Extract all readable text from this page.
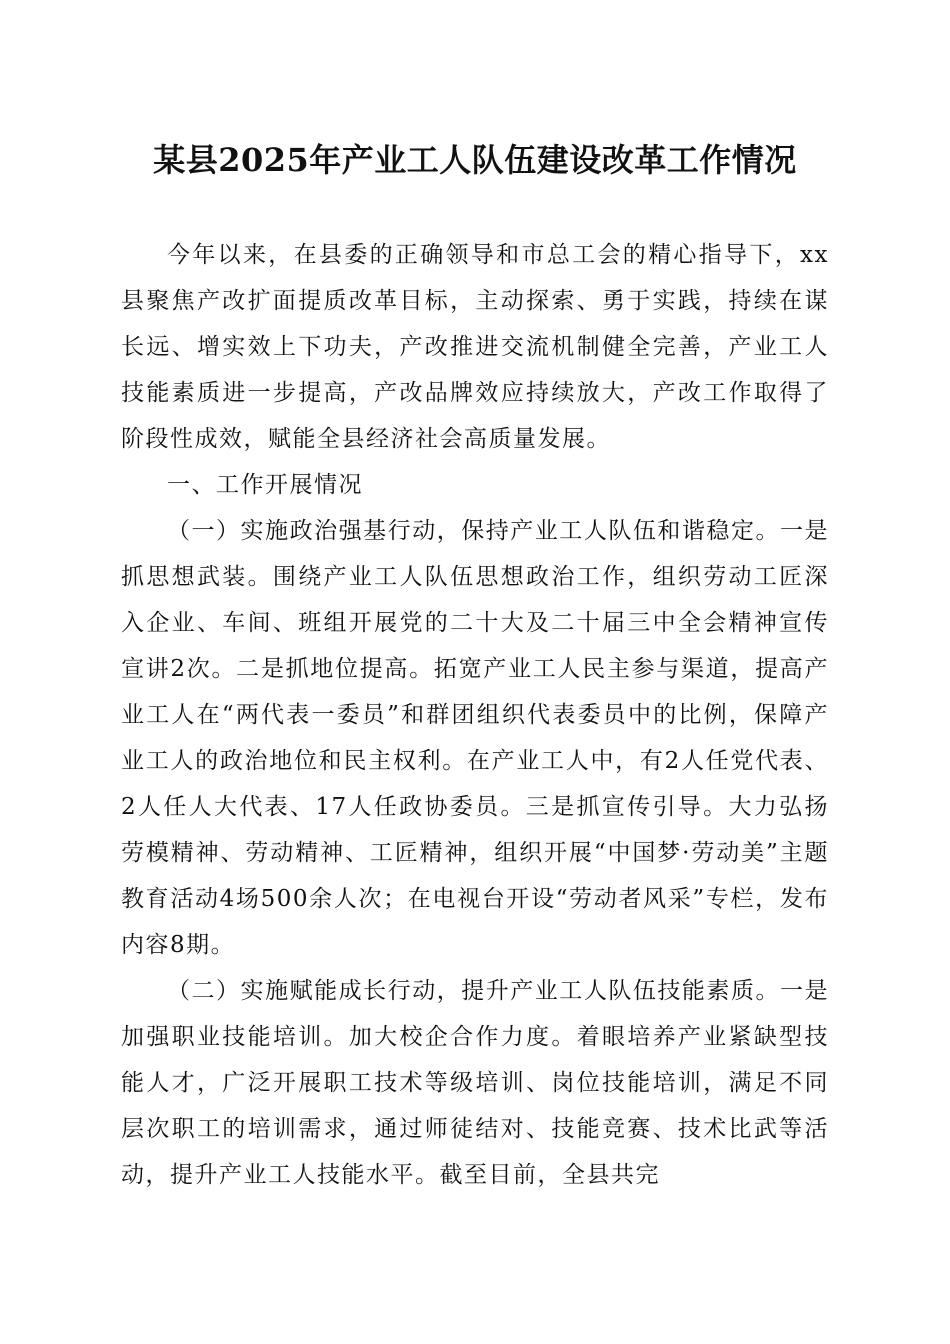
某县2025年产业工人队伍建设改革工作情况

今年以来，在县委的正确领导和市总工会的精心指导下，xx县聚焦产改扩面提质改革目标，主动探索、勇于实践，持续在谋长远、增实效上下功夫，产改推进交流机制健全完善，产业工人技能素质进一步提高，产改品牌效应持续放大，产改工作取得了阶段性成效，赋能全县经济社会高质量发展。

一、工作开展情况

（一）实施政治强基行动，保持产业工人队伍和谐稳定。一是抓思想武装。围绕产业工人队伍思想政治工作，组织劳动工匠深入企业、车间、班组开展党的二十大及二十届三中全会精神宣传宣讲2次。二是抓地位提高。拓宽产业工人民主参与渠道，提高产业工人在“两代表一委员”和群团组织代表委员中的比例，保障产业工人的政治地位和民主权利。在产业工人中，有2人任党代表、2人任人大代表、17人任政协委员。三是抓宣传引导。大力弘扬劳模精神、劳动精神、工匠精神，组织开展“中国梦·劳动美”主题教育活动4场500余人次；在电视台开设“劳动者风采”专栏，发布内容8期。

（二）实施赋能成长行动，提升产业工人队伍技能素质。一是加强职业技能培训。加大校企合作力度。着眼培养产业紧缺型技能人才，广泛开展职工技术等级培训、岗位技能培训，满足不同层次职工的培训需求，通过师徒结对、技能竞赛、技术比武等活动，提升产业工人技能水平。截至目前，全县共完
